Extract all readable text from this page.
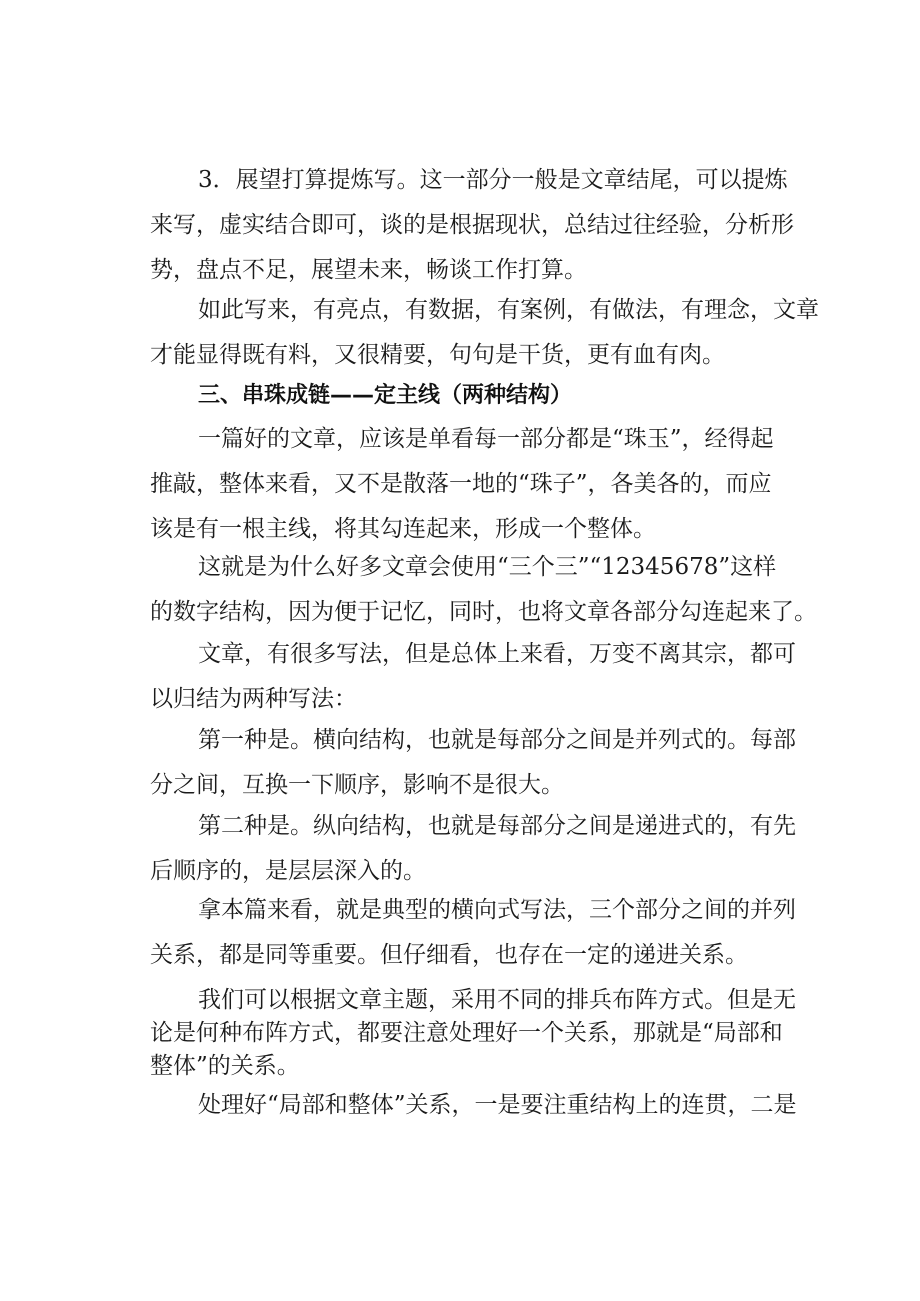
3．展望打算提炼写。这一部分一般是文章结尾，可以提炼
来写，虚实结合即可，谈的是根据现状，总结过往经验，分析形
势，盘点不足，展望未来，畅谈工作打算。

如此写来，有亮点，有数据，有案例，有做法，有理念，文章
才能显得既有料，又很精要，句句是干货，更有血有肉。

三、串珠成链——定主线（两种结构）

一篇好的文章，应该是单看每一部分都是“珠玉”，经得起
推敲，整体来看，又不是散落一地的“珠子”，各美各的，而应
该是有一根主线，将其勾连起来，形成一个整体。

这就是为什么好多文章会使用“三个三”“12345678”这样
的数字结构，因为便于记忆，同时，也将文章各部分勾连起来了。

文章，有很多写法，但是总体上来看，万变不离其宗，都可
以归结为两种写法：

第一种是。横向结构，也就是每部分之间是并列式的。每部
分之间，互换一下顺序，影响不是很大。

第二种是。纵向结构，也就是每部分之间是递进式的，有先
后顺序的，是层层深入的。

拿本篇来看，就是典型的横向式写法，三个部分之间的并列
关系，都是同等重要。但仔细看，也存在一定的递进关系。

我们可以根据文章主题，采用不同的排兵布阵方式。但是无
论是何种布阵方式，都要注意处理好一个关系，那就是“局部和
整体”的关系。

处理好“局部和整体”关系，一是要注重结构上的连贯，二是
